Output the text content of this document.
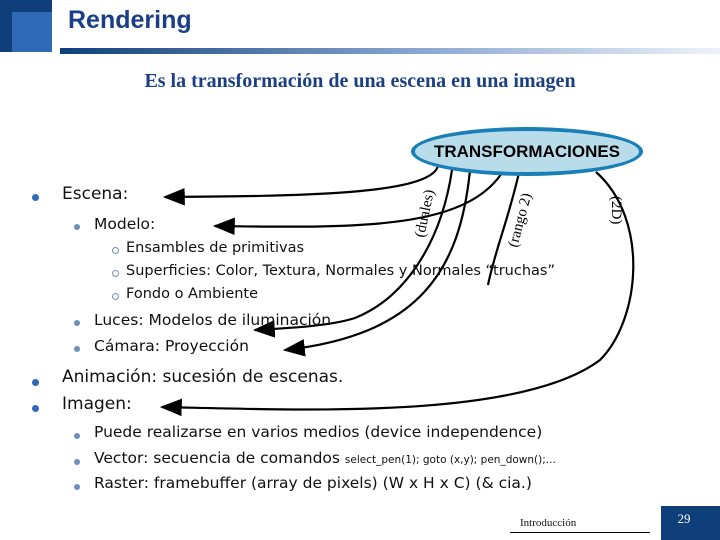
Rendering
Es la transformación de una escena en una imagen
(duales)	(rango 2)	(2D)
TRANSFORMACIONES
Escena:
Modelo:
Ensambles de primitivas
Superficies: Color, Textura, Normales y Normales “truchas”
Fondo o Ambiente
Luces: Modelos de iluminación
Cámara: Proyección
Animación: sucesión de escenas.
Imagen:
Puede realizarse en varios medios (device independence)
Vector: secuencia de comandos select_pen(1); goto (x,y); pen_down();...
Raster: framebuffer (array de pixels) (W x H x C) (& cia.)
Introducción	29
